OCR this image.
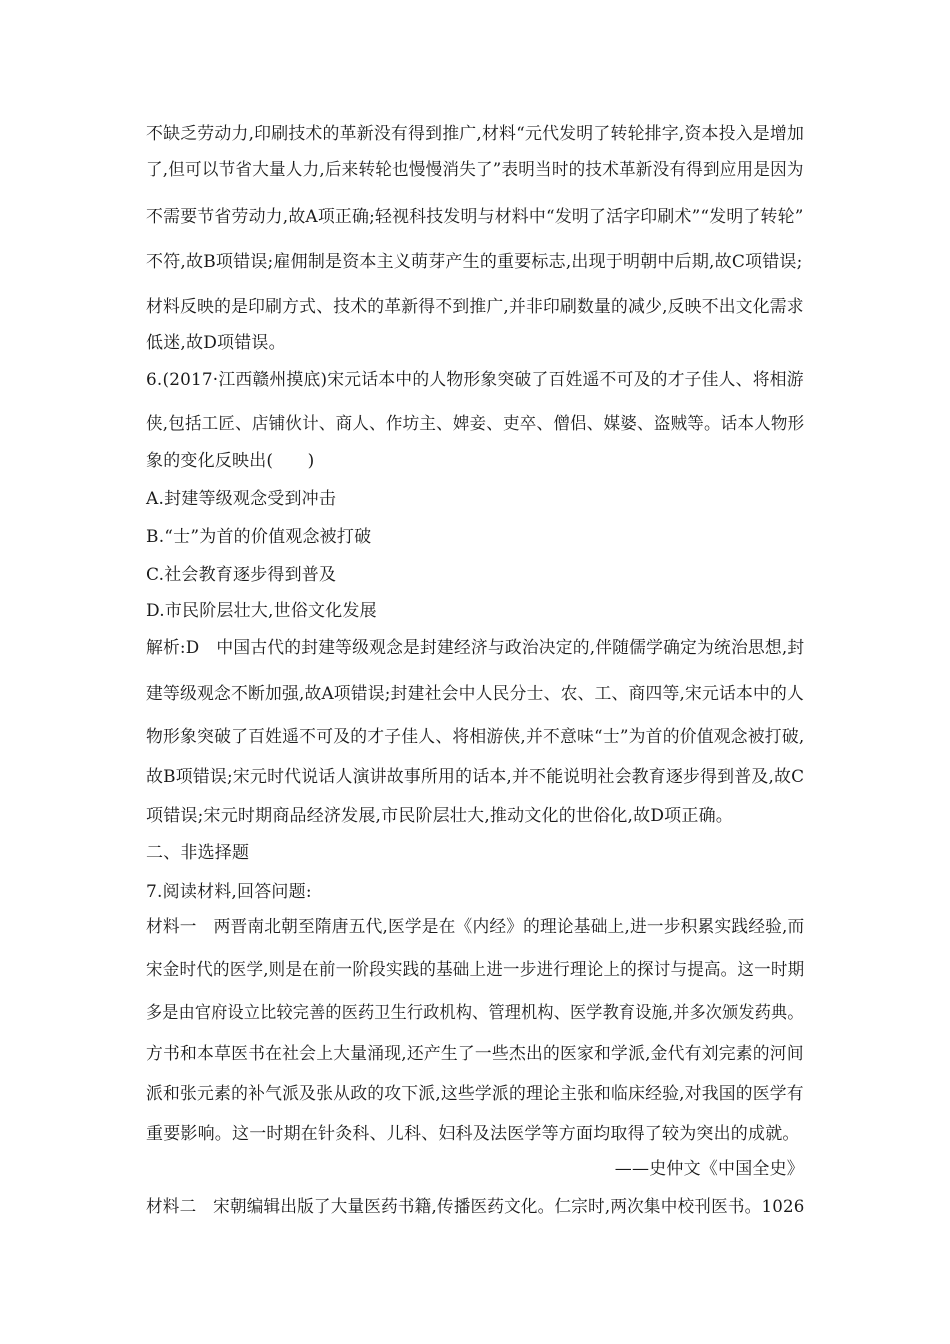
不缺乏劳动力,印刷技术的革新没有得到推广,材料“元代发明了转轮排字,资本投入是增加
了,但可以节省大量人力,后来转轮也慢慢消失了”表明当时的技术革新没有得到应用是因为
不需要节省劳动力,故A项正确;轻视科技发明与材料中“发明了活字印刷术”“发明了转轮”
不符,故B项错误;雇佣制是资本主义萌芽产生的重要标志,出现于明朝中后期,故C项错误;
材料反映的是印刷方式、技术的革新得不到推广,并非印刷数量的减少,反映不出文化需求
低迷,故D项错误。
6.(2017·江西赣州摸底)宋元话本中的人物形象突破了百姓遥不可及的才子佳人、将相游
侠,包括工匠、店铺伙计、商人、作坊主、婢妾、吏卒、僧侣、媒婆、盗贼等。话本人物形
象的变化反映出(　　)
A.封建等级观念受到冲击
B.“士”为首的价值观念被打破
C.社会教育逐步得到普及
D.市民阶层壮大,世俗文化发展
解析:D　中国古代的封建等级观念是封建经济与政治决定的,伴随儒学确定为统治思想,封
建等级观念不断加强,故A项错误;封建社会中人民分士、农、工、商四等,宋元话本中的人
物形象突破了百姓遥不可及的才子佳人、将相游侠,并不意味“士”为首的价值观念被打破,
故B项错误;宋元时代说话人演讲故事所用的话本,并不能说明社会教育逐步得到普及,故C
项错误;宋元时期商品经济发展,市民阶层壮大,推动文化的世俗化,故D项正确。
二、非选择题
7.阅读材料,回答问题:
材料一　两晋南北朝至隋唐五代,医学是在《内经》的理论基础上,进一步积累实践经验,而
宋金时代的医学,则是在前一阶段实践的基础上进一步进行理论上的探讨与提高。这一时期
多是由官府设立比较完善的医药卫生行政机构、管理机构、医学教育设施,并多次颁发药典。
方书和本草医书在社会上大量涌现,还产生了一些杰出的医家和学派,金代有刘完素的河间
派和张元素的补气派及张从政的攻下派,这些学派的理论主张和临床经验,对我国的医学有
重要影响。这一时期在针灸科、儿科、妇科及法医学等方面均取得了较为突出的成就。
——史仲文《中国全史》
材料二　宋朝编辑出版了大量医药书籍,传播医药文化。仁宗时,两次集中校刊医书。1026
